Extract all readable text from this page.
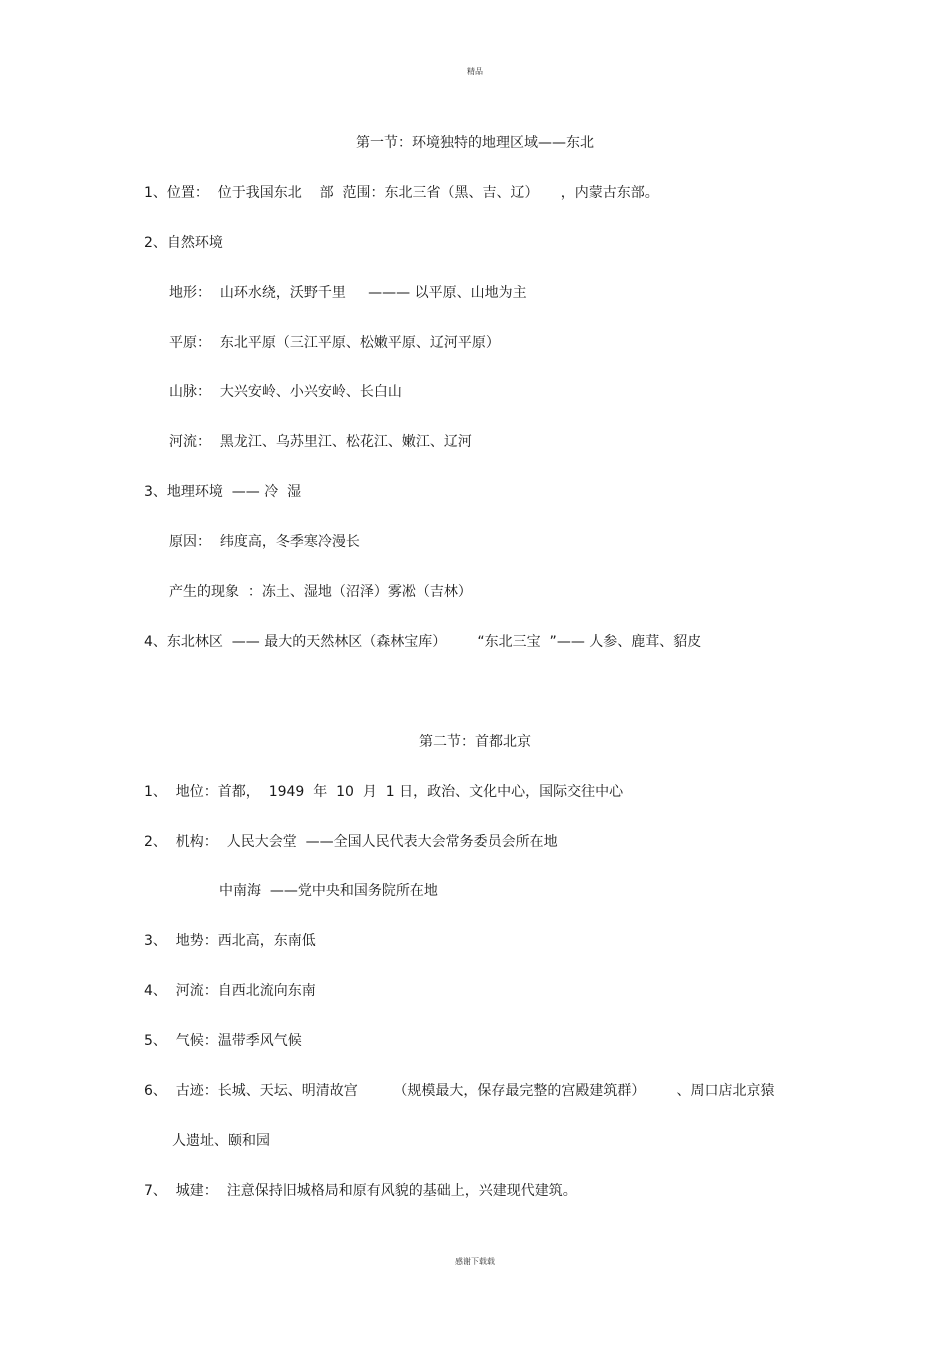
精品
第一节：环境独特的地理区域——东北
1、位置：  位于我国东北    部  范围：东北三省（黑、吉、辽）     ，内蒙古东部。
2、自然环境
地形：  山环水绕，沃野千里     ——— 以平原、山地为主
平原：  东北平原（三江平原、松嫩平原、辽河平原）
山脉：  大兴安岭、小兴安岭、长白山
河流：  黑龙江、乌苏里江、松花江、嫩江、辽河
3、地理环境  —— 冷  湿
原因：  纬度高，冬季寒冷漫长
产生的现象  ：冻土、湿地（沼泽）雾凇（吉林）
4、东北林区  —— 最大的天然林区（森林宝库）       “东北三宝  ”—— 人参、鹿茸、貂皮
第二节：首都北京
1、  地位：首都，  1949  年  10  月  1 日，政治、文化中心，国际交往中心
2、  机构：  人民大会堂  ——全国人民代表大会常务委员会所在地
中南海  ——党中央和国务院所在地
3、  地势：西北高，东南低
4、  河流：自西北流向东南
5、  气候：温带季风气候
6、  古迹：长城、天坛、明清故宫        （规模最大，保存最完整的宫殿建筑群）       、周口店北京猿
人遗址、颐和园
7、  城建：  注意保持旧城格局和原有风貌的基础上，兴建现代建筑。
感谢下载载
